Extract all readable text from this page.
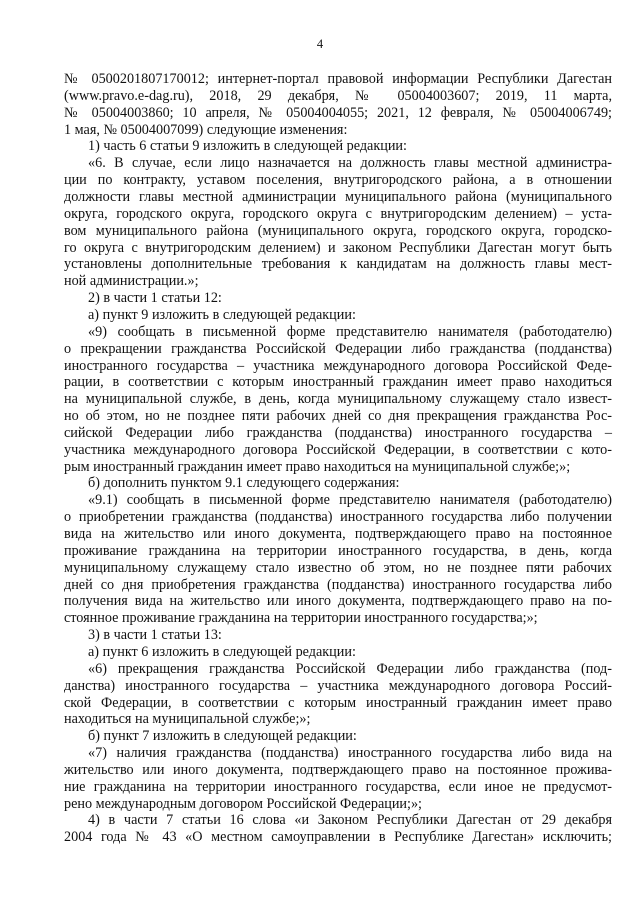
4
№ 0500201807170012; интернет-портал правовой информации Республики Дагестан
(www.pravo.e-dag.ru), 2018, 29 декабря, № 05004003607; 2019, 11 марта,
№ 05004003860; 10 апреля, № 05004004055; 2021, 12 февраля, № 05004006749;
1 мая, № 05004007099) следующие изменения:
1) часть 6 статьи 9 изложить в следующей редакции:
«6. В случае, если лицо назначается на должность главы местной администра-
ции по контракту, уставом поселения, внутригородского района, а в отношении
должности главы местной администрации муниципального района (муниципального
округа, городского округа, городского округа с внутригородским делением) – уста-
вом муниципального района (муниципального округа, городского округа, городско-
го округа с внутригородским делением) и законом Республики Дагестан могут быть
установлены дополнительные требования к кандидатам на должность главы мест-
ной администрации.»;
2) в части 1 статьи 12:
а) пункт 9 изложить в следующей редакции:
«9) сообщать в письменной форме представителю нанимателя (работодателю)
о прекращении гражданства Российской Федерации либо гражданства (подданства)
иностранного государства – участника международного договора Российской Феде-
рации, в соответствии с которым иностранный гражданин имеет право находиться
на муниципальной службе, в день, когда муниципальному служащему стало извест-
но об этом, но не позднее пяти рабочих дней со дня прекращения гражданства Рос-
сийской Федерации либо гражданства (подданства) иностранного государства –
участника международного договора Российской Федерации, в соответствии с кото-
рым иностранный гражданин имеет право находиться на муниципальной службе;»;
б) дополнить пунктом 9.1 следующего содержания:
«9.1) сообщать в письменной форме представителю нанимателя (работодателю)
о приобретении гражданства (подданства) иностранного государства либо получении
вида на жительство или иного документа, подтверждающего право на постоянное
проживание гражданина на территории иностранного государства, в день, когда
муниципальному служащему стало известно об этом, но не позднее пяти рабочих
дней со дня приобретения гражданства (подданства) иностранного государства либо
получения вида на жительство или иного документа, подтверждающего право на по-
стоянное проживание гражданина на территории иностранного государства;»;
3) в части 1 статьи 13:
а) пункт 6 изложить в следующей редакции:
«6) прекращения гражданства Российской Федерации либо гражданства (под-
данства) иностранного государства – участника международного договора Россий-
ской Федерации, в соответствии с которым иностранный гражданин имеет право
находиться на муниципальной службе;»;
б) пункт 7 изложить в следующей редакции:
«7) наличия гражданства (подданства) иностранного государства либо вида на
жительство или иного документа, подтверждающего право на постоянное прожива-
ние гражданина на территории иностранного государства, если иное не предусмот-
рено международным договором Российской Федерации;»;
4) в части 7 статьи 16 слова «и Законом Республики Дагестан от 29 декабря
2004 года № 43 «О местном самоуправлении в Республике Дагестан» исключить;
